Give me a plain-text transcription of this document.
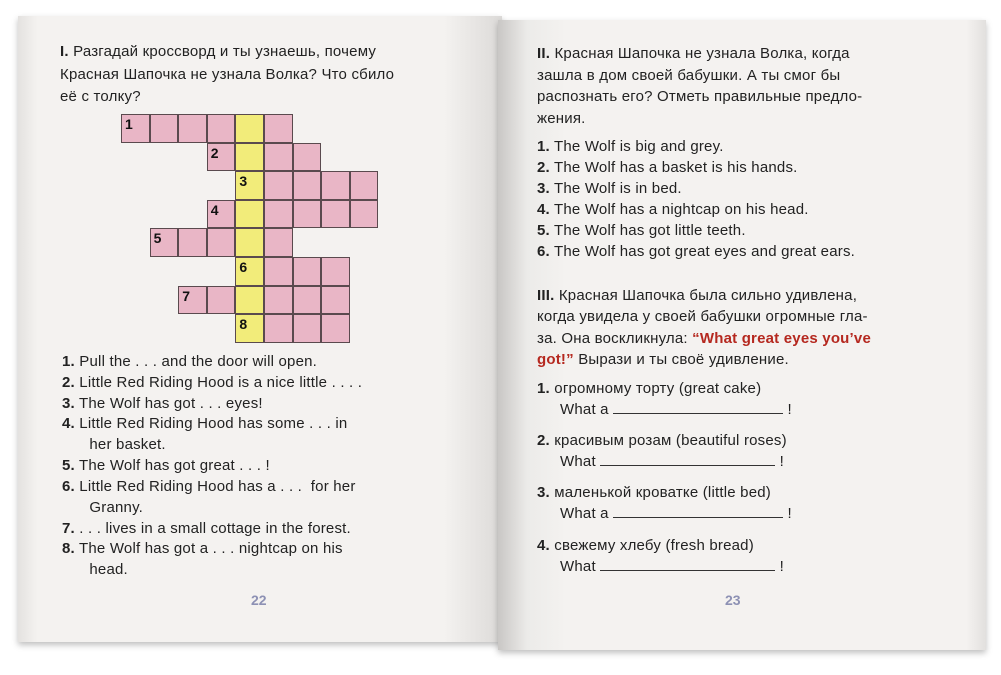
I. Разгадай кроссворд и ты узнаешь, почему
Красная Шапочка не узнала Волка? Что сбило
её с толку?
1
2
3
4
5
6
7
8
1. Pull the . . . and the door will open.
2. Little Red Riding Hood is a nice little . . . .
3. The Wolf has got . . . eyes!
4. Little Red Riding Hood has some . . . in
her basket.
5. The Wolf has got great . . . !
6. Little Red Riding Hood has a . . .  for her
Granny.
7. . . . lives in a small cottage in the forest.
8. The Wolf has got a . . . nightcap on his
head.
22
II. Красная Шапочка не узнала Волка, когда
зашла в дом своей бабушки. А ты смог бы
распознать его? Отметь правильные предло-
жения.
1. The Wolf is big and grey.
2. The Wolf has a basket is his hands.
3. The Wolf is in bed.
4. The Wolf has a nightcap on his head.
5. The Wolf has got little teeth.
6. The Wolf has got great eyes and great ears.
III. Красная Шапочка была сильно удивлена,
когда увидела у своей бабушки огромные гла-
за. Она воскликнула: “What great eyes you’ve
got!” Вырази и ты своё удивление.
1. огромному торту (great cake)
What a	!
2. красивым розам (beautiful roses)
What	!
3. маленькой кроватке (little bed)
What a	!
4. свежему хлебу (fresh bread)
What	!
23
